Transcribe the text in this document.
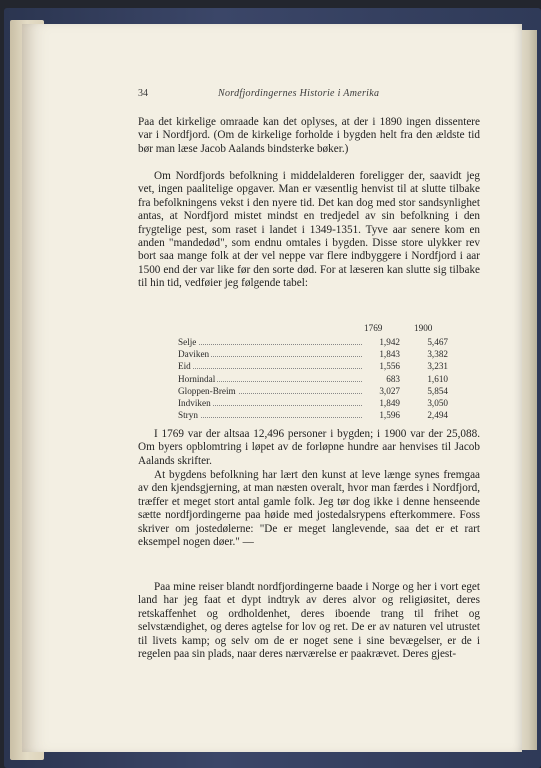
34	Nordfjordingernes Historie i Amerika
Paa det kirkelige omraade kan det oplyses, at der i 1890 ingen dissentere var i Nordfjord. (Om de kirkelige forholde i bygden helt fra den ældste tid bør man læse Jacob Aalands bindsterke bøker.)
Om Nordfjords befolkning i middelalderen foreligger der, saavidt jeg vet, ingen paalitelige opgaver. Man er væsentlig henvist til at slutte tilbake fra befolkningens vekst i den nyere tid. Det kan dog med stor sandsynlighet antas, at Nordfjord mistet mindst en tredjedel av sin befolkning i den frygtelige pest, som raset i landet i 1349-1351. Tyve aar senere kom en anden "mandedød", som endnu omtales i bygden. Disse store ulykker rev bort saa mange folk at der vel neppe var flere indbyggere i Nordfjord i aar 1500 end der var like før den sorte død. For at læseren kan slutte sig tilbake til hin tid, vedføier jeg følgende tabel:
1769	1900
Selje	1,942	5,467
Daviken	1,843	3,382
Eid	1,556	3,231
Hornindal	683	1,610
Gloppen-Breim	3,027	5,854
Indviken	1,849	3,050
Stryn	1,596	2,494
I 1769 var der altsaa 12,496 personer i bygden; i 1900 var der 25,088. Om byers opblomtring i løpet av de forløpne hundre aar henvises til Jacob Aalands skrifter.
At bygdens befolkning har lært den kunst at leve længe synes fremgaa av den kjendsgjerning, at man næsten overalt, hvor man færdes i Nordfjord, træffer et meget stort antal gamle folk. Jeg tør dog ikke i denne henseende sætte nordfjordingerne paa høide med jostedalsrypens efterkommere. Foss skriver om jostedølerne: "De er meget langlevende, saa det er et rart eksempel nogen døer." —
Paa mine reiser blandt nordfjordingerne baade i Norge og her i vort eget land har jeg faat et dypt indtryk av deres alvor og religiøsitet, deres retskaffenhet og ordholdenhet, deres iboende trang til frihet og selvstændighet, og deres agtelse for lov og ret. De er av naturen vel utrustet til livets kamp; og selv om de er noget sene i sine bevægelser, er de i regelen paa sin plads, naar deres nærværelse er paakrævet. Deres gjest-
